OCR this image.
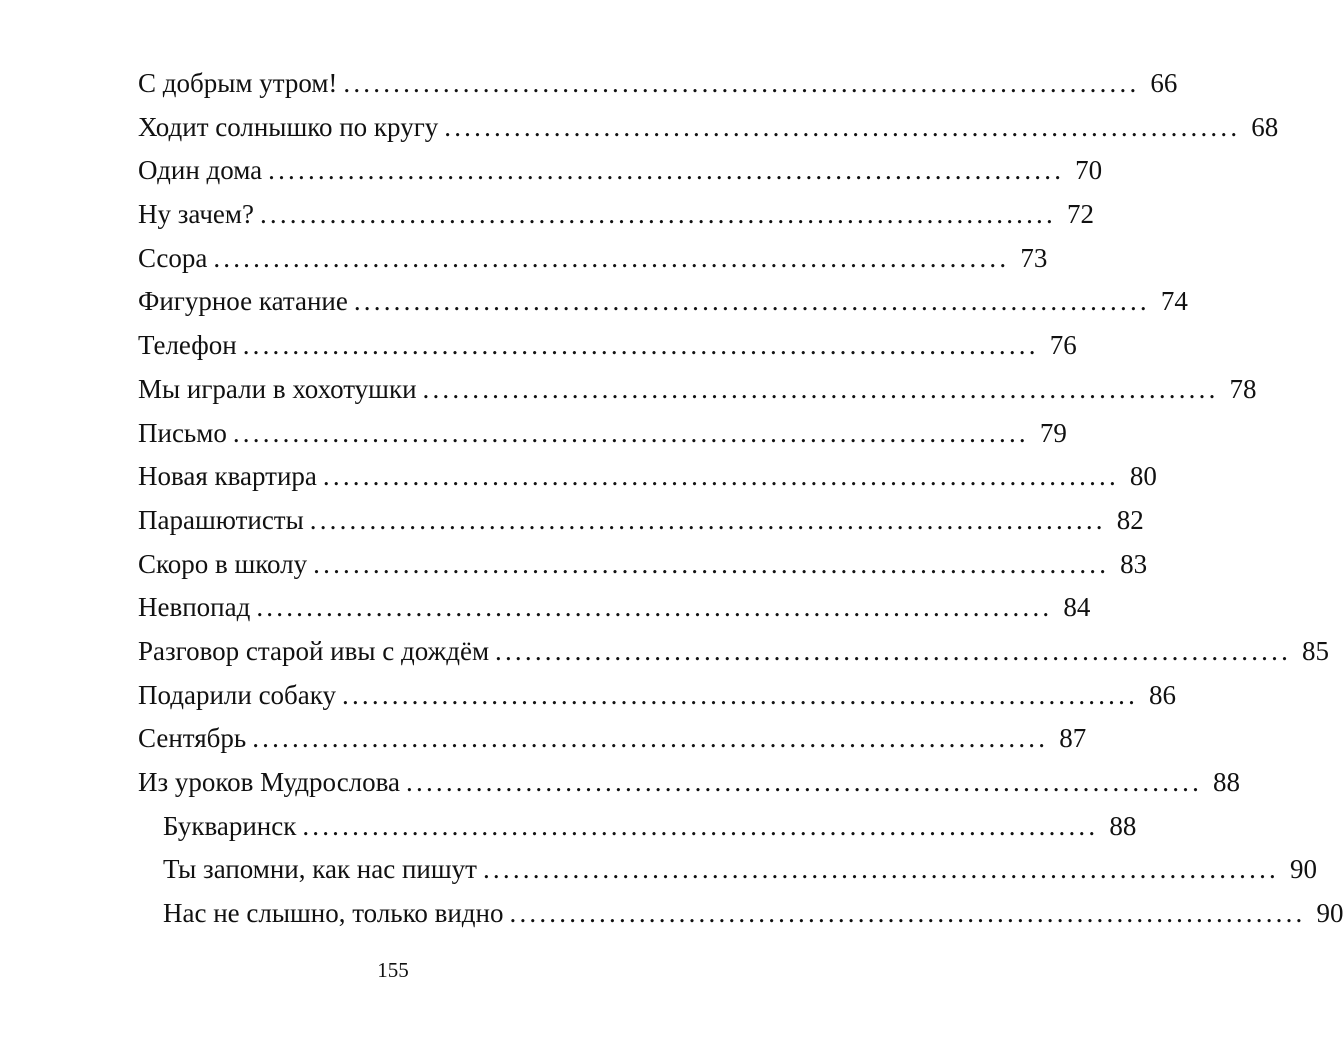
С добрым утром! ................................................................................ 66
Ходит солнышко по кругу ................................................................................ 68
Один дома ................................................................................ 70
Ну зачем? ................................................................................ 72
Ссора ................................................................................ 73
Фигурное катание ................................................................................ 74
Телефон ................................................................................ 76
Мы играли в хохотушки ................................................................................ 78
Письмо ................................................................................ 79
Новая квартира ................................................................................ 80
Парашютисты ................................................................................ 82
Скоро в школу ................................................................................ 83
Невпопад ................................................................................ 84
Разговор старой ивы с дождём ................................................................................ 85
Подарили собаку ................................................................................ 86
Сентябрь ................................................................................ 87
Из уроков Мудрослова ................................................................................ 88
Букваринск ................................................................................ 88
Ты запомни, как нас пишут ................................................................................ 90
Нас не слышно, только видно ................................................................................ 90
155
